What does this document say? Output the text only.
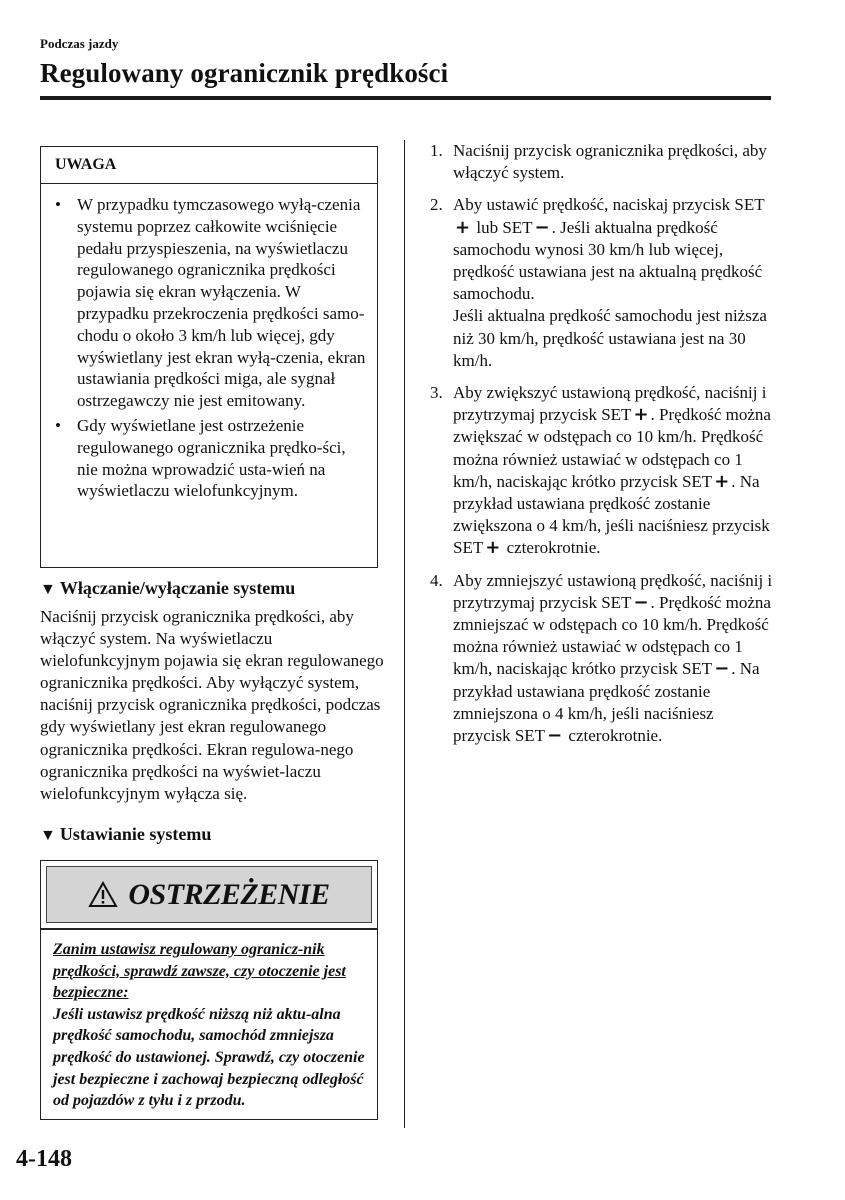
Podczas jazdy
Regulowany ogranicznik prędkości
UWAGA
• W przypadku tymczasowego wyłą-czenia systemu poprzez całkowite wciśnięcie pedału przyspieszenia, na wyświetlaczu regulowanego ogranicznika prędkości pojawia się ekran wyłączenia. W przypadku przekroczenia prędkości samo-chodu o około 3 km/h lub więcej, gdy wyświetlany jest ekran wyłą-czenia, ekran ustawiania prędkości miga, ale sygnał ostrzegawczy nie jest emitowany.
• Gdy wyświetlane jest ostrzeżenie regulowanego ogranicznika prędko-ści, nie można wprowadzić usta-wień na wyświetlaczu wielofunkcyjnym.
▼ Włączanie/wyłączanie systemu

Naciśnij przycisk ogranicznika prędkości, aby włączyć system. Na wyświetlaczu wielofunkcyjnym pojawia się ekran regulowanego ogranicznika prędkości. Aby wyłączyć system, naciśnij przycisk ogranicznika prędkości, podczas gdy wyświetlany jest ekran regulowanego ogranicznika prędkości. Ekran regulowa-nego ogranicznika prędkości na wyświet-laczu wielofunkcyjnym wyłącza się.

▼ Ustawianie systemu
OSTRZEŻENIE
Zanim ustawisz regulowany ogranicz-nik prędkości, sprawdź zawsze, czy otoczenie jest bezpieczne:
Jeśli ustawisz prędkość niższą niż aktu-alna prędkość samochodu, samochód zmniejsza prędkość do ustawionej. Sprawdź, czy otoczenie jest bezpieczne i zachowaj bezpieczną odległość od pojazdów z tyłu i z przodu.
1. Naciśnij przycisk ogranicznika prędkości, aby włączyć system.
2. Aby ustawić prędkość, naciskaj przycisk SET+ lub SET − . Jeśli aktualna prędkość samochodu wynosi 30 km/h lub więcej, prędkość ustawiana jest na aktualną prędkość samochodu.
Jeśli aktualna prędkość samochodu jest niższa niż 30 km/h, prędkość ustawiana jest na 30 km/h.
3. Aby zwiększyć ustawioną prędkość, naciśnij i przytrzymaj przycisk SET + . Prędkość można zwiększać w odstępach co 10 km/h. Prędkość można również ustawiać w odstępach co 1 km/h, naciskając krótko przycisk SET + . Na przykład ustawiana prędkość zostanie zwiększona o 4 km/h, jeśli naciśniesz przycisk SET + czterokrotnie.
4. Aby zmniejszyć ustawioną prędkość, naciśnij i przytrzymaj przycisk SET − . Prędkość można zmniejszać w odstępach co 10 km/h. Prędkość można również ustawiać w odstępach co 1 km/h, naciskając krótko przycisk SET − . Na przykład ustawiana prędkość zostanie zmniejszona o 4 km/h, jeśli naciśniesz przycisk SET − czterokrotnie.
4-148
